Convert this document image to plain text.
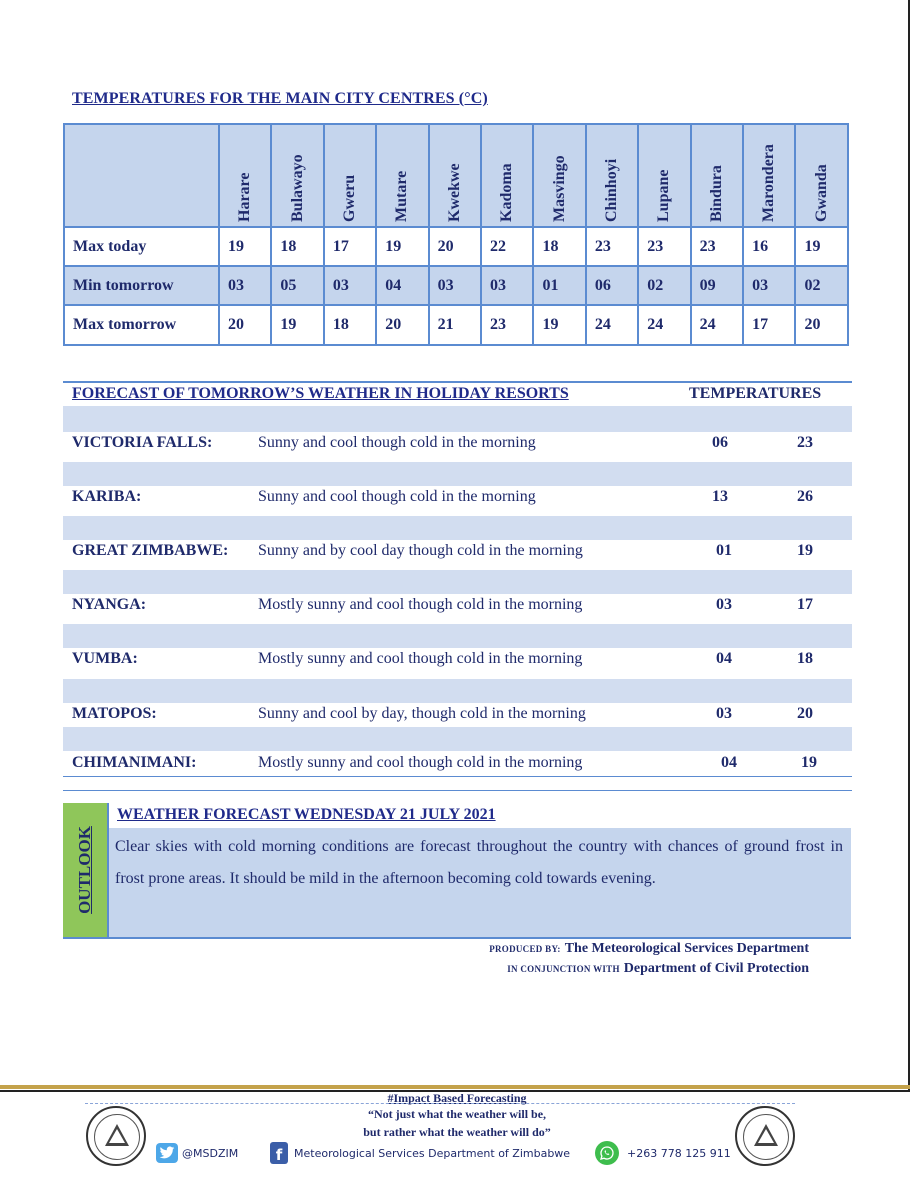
TEMPERATURES FOR THE MAIN CITY CENTRES (°C)

	Harare	Bulawayo	Gweru	Mutare	Kwekwe	Kadoma	Masvingo	Chinhoyi	Lupane	Bindura	Marondera	Gwanda

Max today	19	18	17	19	20	22	18	23	23	23	16	19
Min tomorrow	03	05	03	04	03	03	01	06	02	09	03	02
Max tomorrow	20	19	18	20	21	23	19	24	24	24	17	20
FORECAST OF TOMORROW’S WEATHER IN HOLIDAY RESORTS	TEMPERATURES
VICTORIA FALLS:	Sunny and cool though cold in the morning	06	23
KARIBA:	Sunny and cool though cold in the morning	13	26
GREAT ZIMBABWE: Sunny and by cool day though cold in the morning	01	19
NYANGA:	Mostly sunny and cool though cold in the morning	03	17
VUMBA:	Mostly sunny and cool though cold in the morning	04	18
MATOPOS:	Sunny and cool by day, though cold in the morning	03	20
CHIMANIMANI:	Mostly sunny and cool though cold in the morning	04	19
OUTLOOK
WEATHER FORECAST WEDNESDAY 21 JULY 2021

Clear skies with cold morning conditions are forecast throughout the country with chances of ground frost in frost prone areas. It should be mild in the afternoon becoming cold towards evening.

PRODUCED BY: The Meteorological Services Department
IN CONJUNCTION WITH Department of Civil Protection
#Impact Based Forecasting
“Not just what the weather will be,
but rather what the weather will do”
@MSDZIM	f	Meteorological Services Department of Zimbabwe	+263 778 125 911
